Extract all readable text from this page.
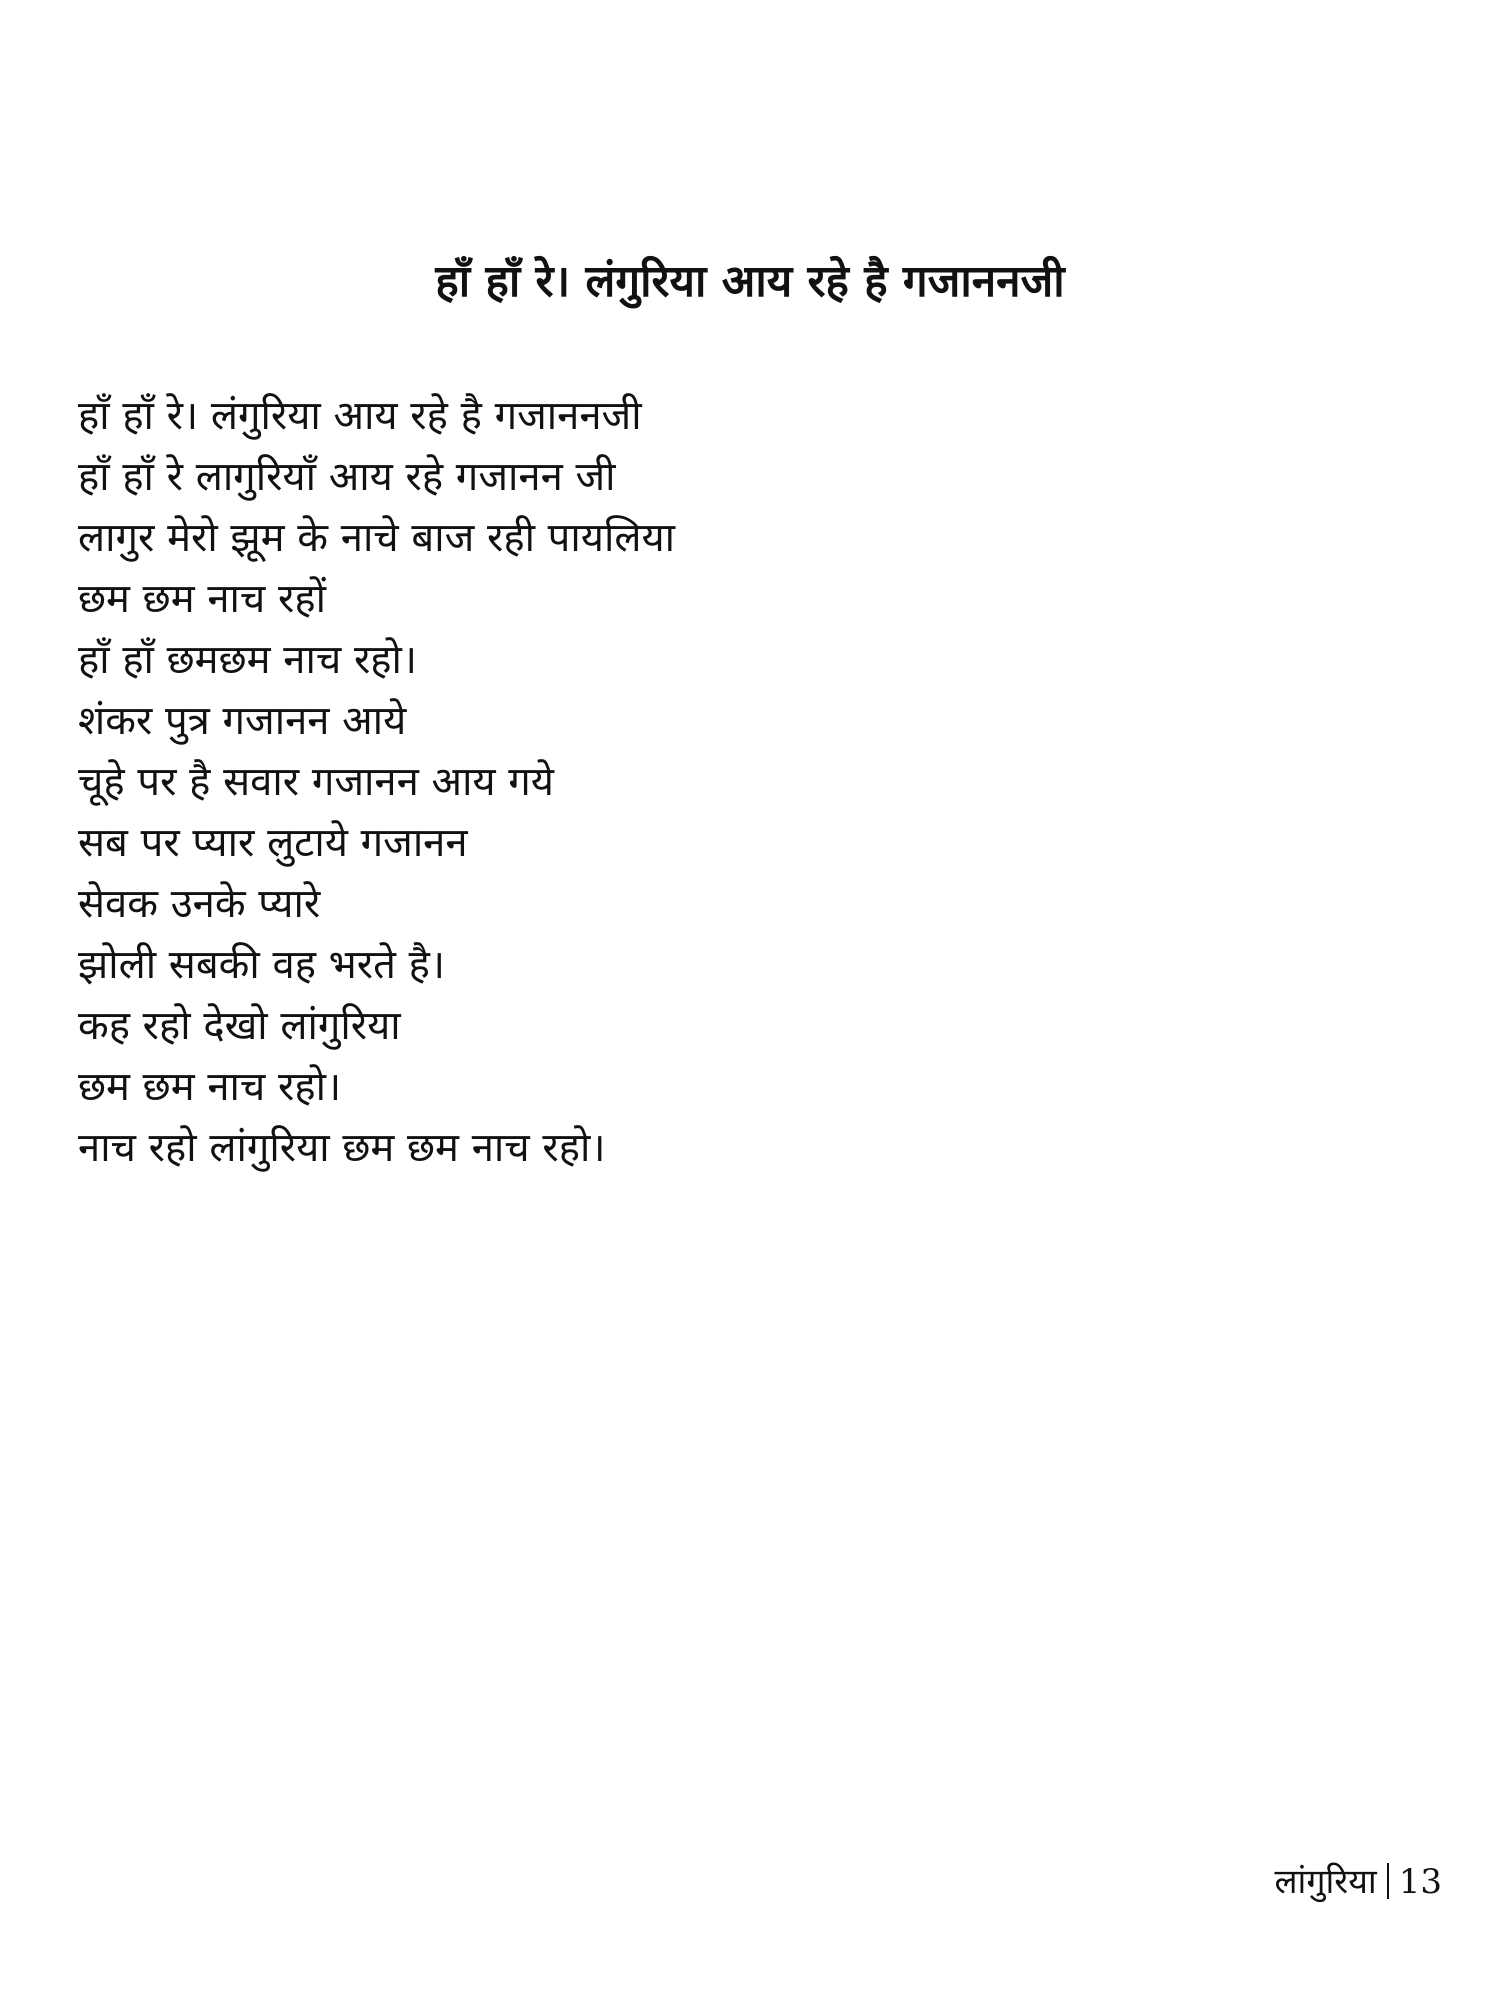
हाँ हाँ रे। लंगुरिया आय रहे है गजाननजी
हाँ हाँ रे। लंगुरिया आय रहे है गजाननजी
हाँ हाँ रे लागुरियाँ आय रहे गजानन जी
लागुर मेरो झूम के नाचे बाज रही पायलिया
छम छम नाच रहों
हाँ हाँ छमछम नाच रहो।
शंकर पुत्र गजानन आये
चूहे पर है सवार गजानन आय गये
सब पर प्यार लुटाये गजानन
सेवक उनके प्यारे
झोली सबकी वह भरते है।
कह रहो देखो लांगुरिया
छम छम नाच रहो।
नाच रहो लांगुरिया छम छम नाच रहो।
लांगुरिया 13
